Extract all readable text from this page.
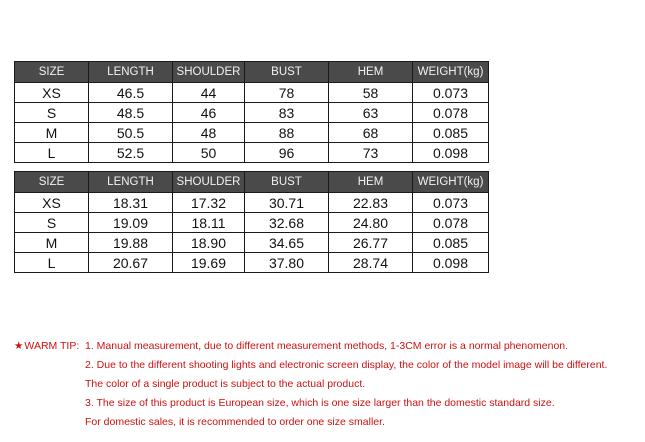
SIZE	LENGTH	SHOULDER	BUST	HEM	WEIGHT(kg)
XS	46.5	44	78	58	0.073
S	48.5	46	83	63	0.078
M	50.5	48	88	68	0.085
L	52.5	50	96	73	0.098
SIZE	LENGTH	SHOULDER	BUST	HEM	WEIGHT(kg)
XS	18.31	17.32	30.71	22.83	0.073
S	19.09	18.11	32.68	24.80	0.078
M	19.88	18.90	34.65	26.77	0.085
L	20.67	19.69	37.80	28.74	0.098
★WARM TIP: 1. Manual measurement, due to different measurement methods, 1-3CM error is a normal phenomenon.
2. Due to the different shooting lights and electronic screen display, the color of the model image will be different.
The color of a single product is subject to the actual product.
3. The size of this product is European size, which is one size larger than the domestic standard size.
For domestic sales, it is recommended to order one size smaller.
